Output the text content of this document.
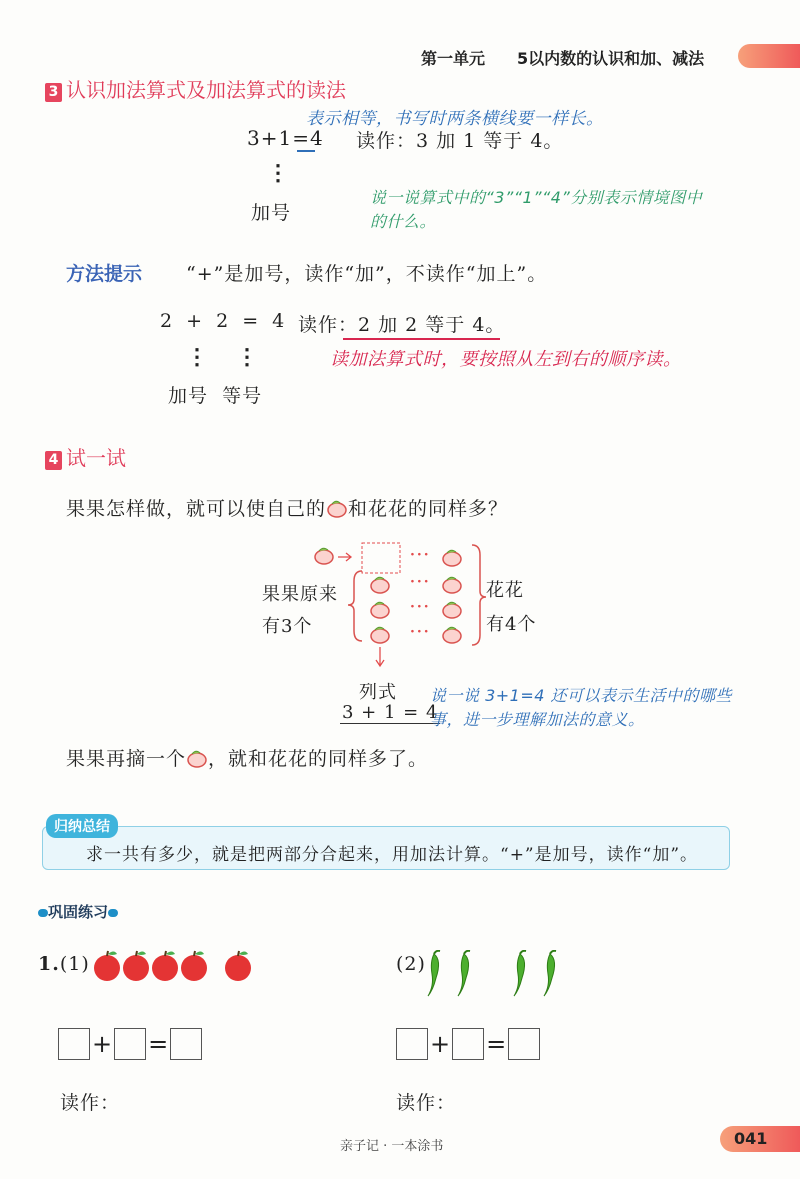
第一单元 5以内数的认识和加、减法
3 认识加法算式及加法算式的读法
表示相等，书写时两条横线要一样长。
3+1=4 读作：3 加 1 等于 4。
⋮
加号
说一说算式中的“3”“1”“4”分别表示情境图中的什么。
方法提示 “+”是加号，读作“加”，不读作“加上”。
2 + 2 = 4 读作：2 加 2 等于 4。
⋮ ⋮
加号  等号
读加法算式时，要按照从左到右的顺序读。
4 试一试
果果怎样做，就可以使自己的 和花花的同样多？
···
···
···
···
果果原来
有3个
花花
有4个
列式
3 + 1 = 4
说一说 3+1=4 还可以表示生活中的哪些事，进一步理解加法的意义。
果果再摘一个 ，就和花花的同样多了。
归纳总结
求一共有多少，就是把两部分合起来，用加法计算。“+”是加号，读作“加”。
巩固练习
1.(1)	(2)
+ =	+ =
读作：	读作：
亲子记 · 一本涂书	041
